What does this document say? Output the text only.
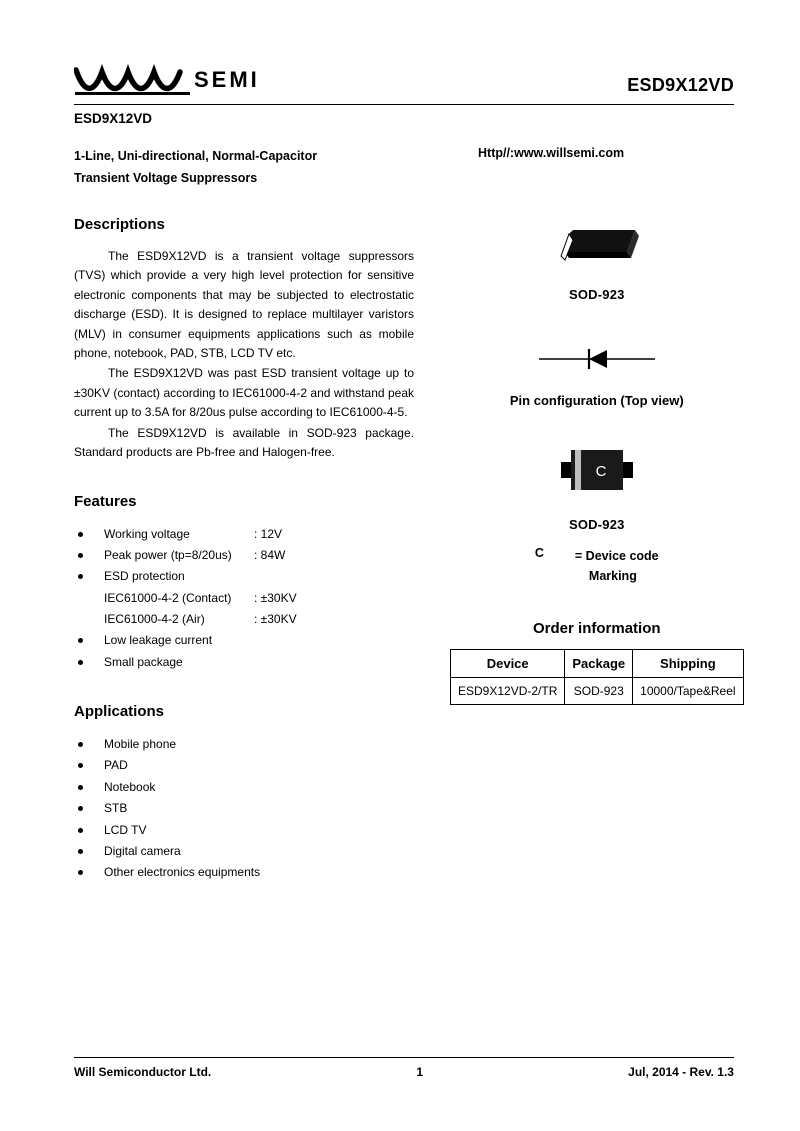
SEMI	ESD9X12VD
ESD9X12VD
1-Line, Uni-directional, Normal-Capacitor
Transient Voltage Suppressors
Descriptions

The ESD9X12VD is a transient voltage suppressors (TVS) which provide a very high level protection for sensitive electronic components that may be subjected to electrostatic discharge (ESD). It is designed to replace multilayer varistors (MLV) in consumer equipments applications such as mobile phone, notebook, PAD, STB, LCD TV etc.

The ESD9X12VD was past ESD transient voltage up to ±30KV (contact) according to IEC61000-4-2 and withstand peak current up to 3.5A for 8/20us pulse according to IEC61000-4-5.

The ESD9X12VD is available in SOD-923 package. Standard products are Pb-free and Halogen-free.

Features
Working voltage	: 12V
Peak power (tp=8/20us)	: 84W
ESD protection
IEC61000-4-2 (Contact)	: ±30KV
IEC61000-4-2 (Air)	: ±30KV
Low leakage current
Small package
Applications
Mobile phone
PAD
Notebook
STB
LCD TV
Digital camera
Other electronics equipments
Http//:www.willsemi.com
SOD-923
Pin configuration (Top view)
C
SOD-923
C	= Device code
Marking
Order information
Device	Package	Shipping
ESD9X12VD-2/TR	SOD-923	10000/Tape&Reel
Will Semiconductor Ltd.	1	Jul, 2014 - Rev. 1.3
